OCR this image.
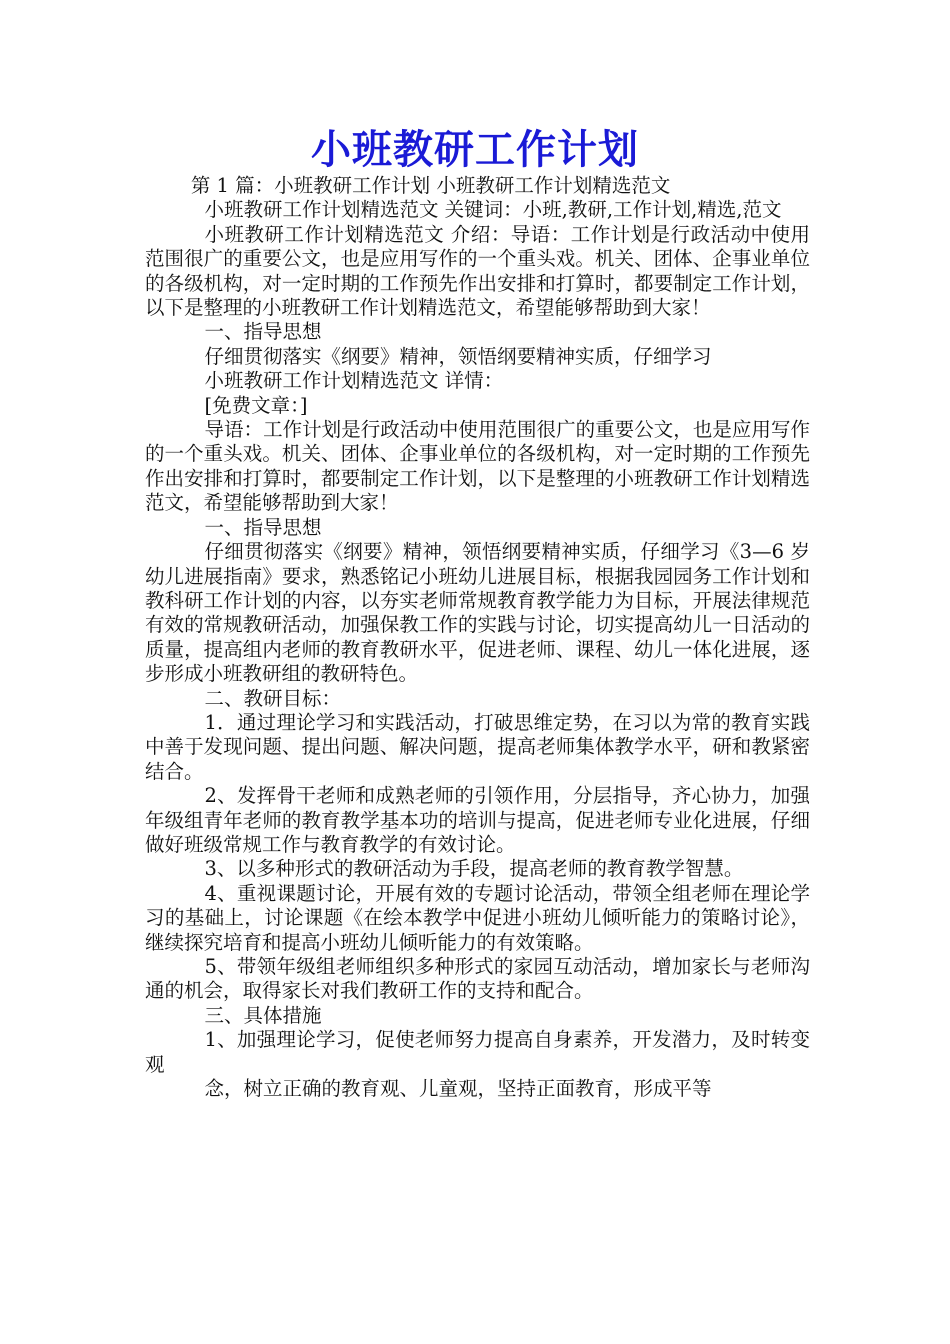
小班教研工作计划

第 1 篇：小班教研工作计划 小班教研工作计划精选范文

小班教研工作计划精选范文 关键词：小班,教研,工作计划,精选,范文

小班教研工作计划精选范文 介绍：导语：工作计划是行政活动中使用范围很广的重要公文，也是应用写作的一个重头戏。机关、团体、企事业单位的各级机构，对一定时期的工作预先作出安排和打算时，都要制定工作计划，以下是整理的小班教研工作计划精选范文，希望能够帮助到大家！

一、指导思想

仔细贯彻落实《纲要》精神，领悟纲要精神实质，仔细学习

小班教研工作计划精选范文 详情：

[免费文章：]

导语：工作计划是行政活动中使用范围很广的重要公文，也是应用写作的一个重头戏。机关、团体、企事业单位的各级机构，对一定时期的工作预先作出安排和打算时，都要制定工作计划，以下是整理的小班教研工作计划精选范文，希望能够帮助到大家！

一、指导思想

仔细贯彻落实《纲要》精神，领悟纲要精神实质，仔细学习《3—6 岁幼儿进展指南》要求，熟悉铭记小班幼儿进展目标，根据我园园务工作计划和教科研工作计划的内容，以夯实老师常规教育教学能力为目标，开展法律规范有效的常规教研活动，加强保教工作的实践与讨论，切实提高幼儿一日活动的质量，提高组内老师的教育教研水平，促进老师、课程、幼儿一体化进展，逐步形成小班教研组的教研特色。

二、教研目标：

1．通过理论学习和实践活动，打破思维定势，在习以为常的教育实践中善于发现问题、提出问题、解决问题，提高老师集体教学水平，研和教紧密结合。

2、发挥骨干老师和成熟老师的引领作用，分层指导，齐心协力，加强年级组青年老师的教育教学基本功的培训与提高，促进老师专业化进展，仔细做好班级常规工作与教育教学的有效讨论。

3、以多种形式的教研活动为手段，提高老师的教育教学智慧。

4、重视课题讨论，开展有效的专题讨论活动，带领全组老师在理论学习的基础上，讨论课题《在绘本教学中促进小班幼儿倾听能力的策略讨论》，继续探究培育和提高小班幼儿倾听能力的有效策略。

5、带领年级组老师组织多种形式的家园互动活动，增加家长与老师沟通的机会，取得家长对我们教研工作的支持和配合。

三、具体措施

1、加强理论学习，促使老师努力提高自身素养，开发潜力，及时转变观

念，树立正确的教育观、儿童观，坚持正面教育，形成平等
